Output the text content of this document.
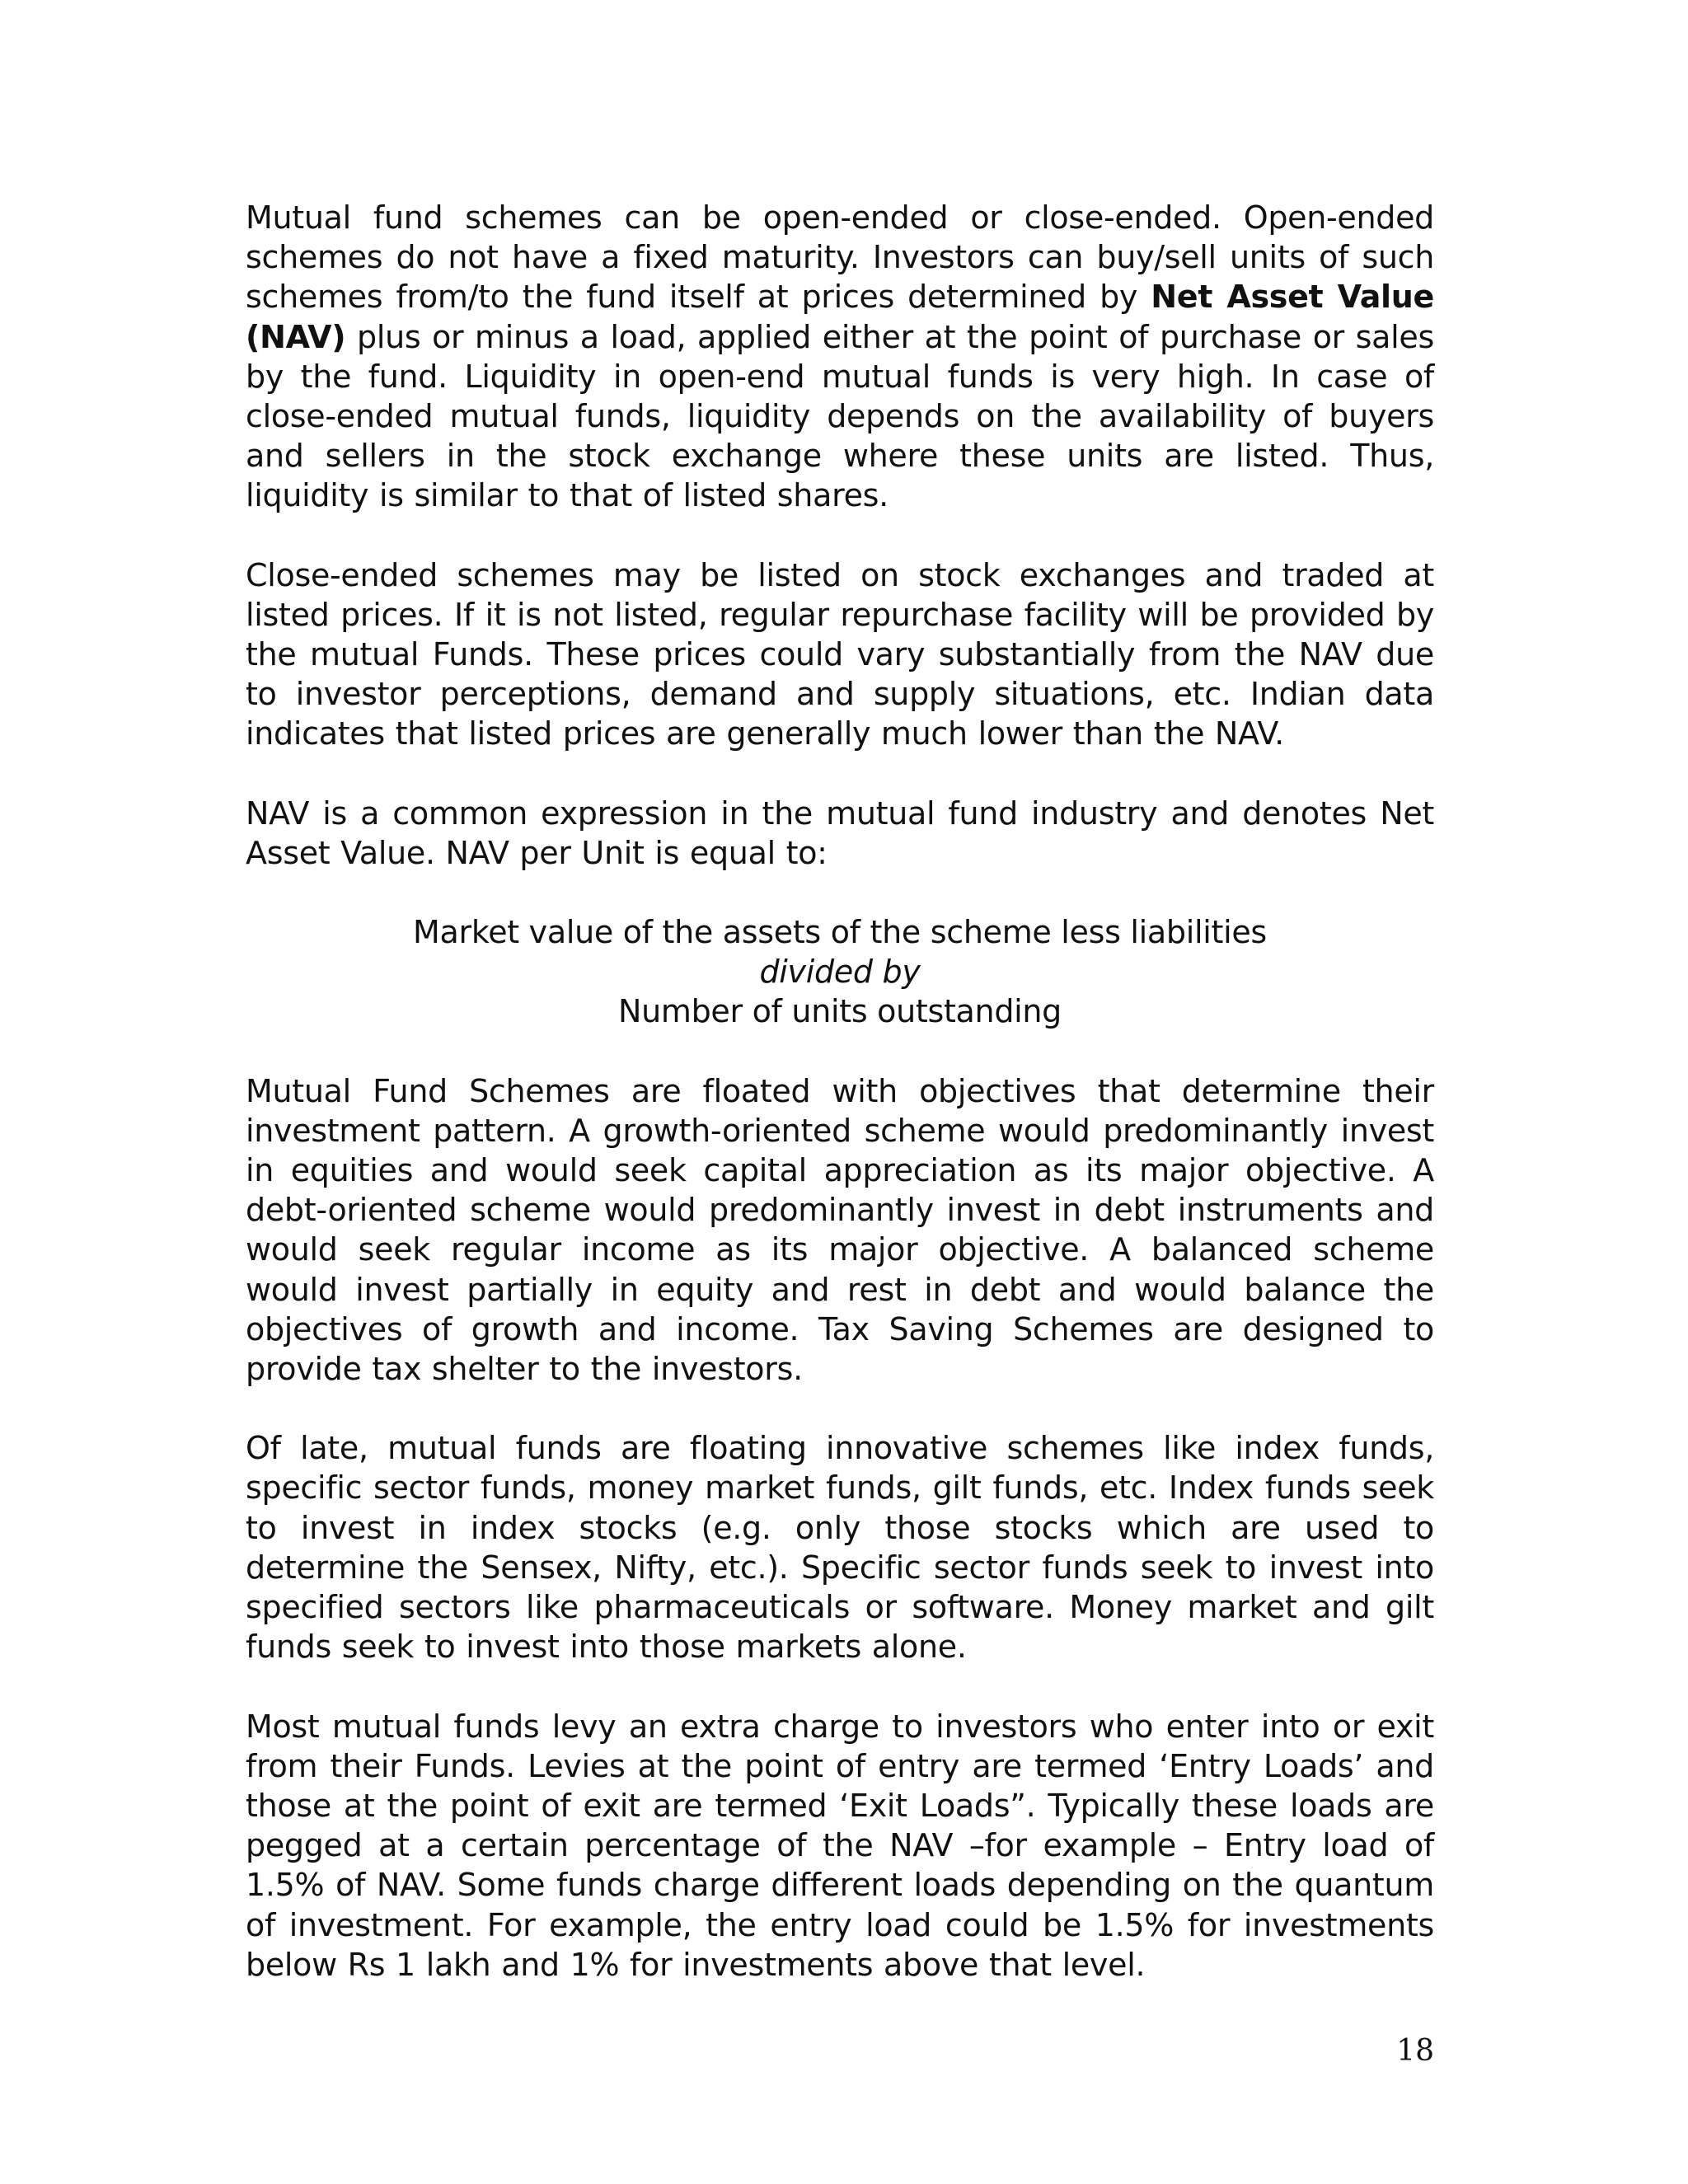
Mutual fund schemes can be open-ended or close-ended. Open-ended schemes do not have a fixed maturity. Investors can buy/sell units of such schemes from/to the fund itself at prices determined by Net Asset Value (NAV) plus or minus a load, applied either at the point of purchase or sales by the fund. Liquidity in open-end mutual funds is very high. In case of close-ended mutual funds, liquidity depends on the availability of buyers and sellers in the stock exchange where these units are listed. Thus, liquidity is similar to that of listed shares.

Close-ended schemes may be listed on stock exchanges and traded at listed prices. If it is not listed, regular repurchase facility will be provided by the mutual Funds. These prices could vary substantially from the NAV due to investor perceptions, demand and supply situations, etc. Indian data indicates that listed prices are generally much lower than the NAV.

NAV is a common expression in the mutual fund industry and denotes Net Asset Value. NAV per Unit is equal to:

Market value of the assets of the scheme less liabilities
divided by
Number of units outstanding

Mutual Fund Schemes are floated with objectives that determine their investment pattern. A growth-oriented scheme would predominantly invest in equities and would seek capital appreciation as its major objective. A debt-oriented scheme would predominantly invest in debt instruments and would seek regular income as its major objective. A balanced scheme would invest partially in equity and rest in debt and would balance the objectives of growth and income. Tax Saving Schemes are designed to provide tax shelter to the investors.

Of late, mutual funds are floating innovative schemes like index funds, specific sector funds, money market funds, gilt funds, etc. Index funds seek to invest in index stocks (e.g. only those stocks which are used to determine the Sensex, Nifty, etc.). Specific sector funds seek to invest into specified sectors like pharmaceuticals or software. Money market and gilt funds seek to invest into those markets alone.

Most mutual funds levy an extra charge to investors who enter into or exit from their Funds. Levies at the point of entry are termed ‘Entry Loads’ and those at the point of exit are termed ‘Exit Loads”. Typically these loads are pegged at a certain percentage of the NAV –for example – Entry load of 1.5% of NAV. Some funds charge different loads depending on the quantum of investment. For example, the entry load could be 1.5% for investments below Rs 1 lakh and 1% for investments above that level.

18
